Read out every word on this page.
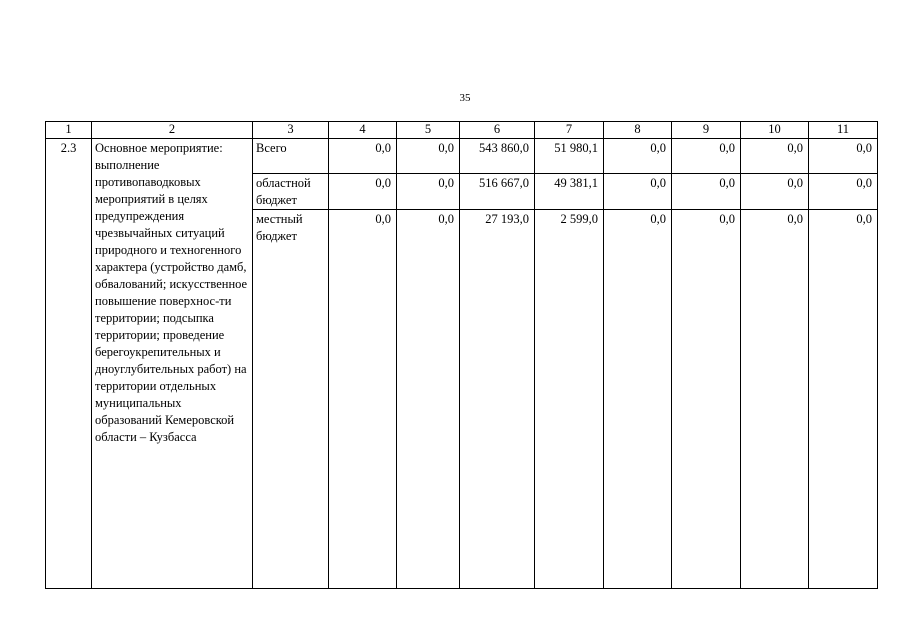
35
1	2	3	4	5	6	7	8	9	10	11
2.3	Основное мероприятие: выполнение противопаводковых мероприятий в целях предупреждения чрезвычайных ситуаций природного и техногенного характера (устройство дамб, обвалований; искусственное повышение поверхнос-ти территории; подсыпка территории; проведение берегоукрепительных и дноуглубительных работ) на территории отдельных муниципальных образований Кемеровской области – Кузбасса	Всего	0,0	0,0	543 860,0	51 980,1	0,0	0,0	0,0	0,0
		областной бюджет	0,0	0,0	516 667,0	49 381,1	0,0	0,0	0,0	0,0
		местный бюджет	0,0	0,0	27 193,0	2 599,0	0,0	0,0	0,0	0,0
